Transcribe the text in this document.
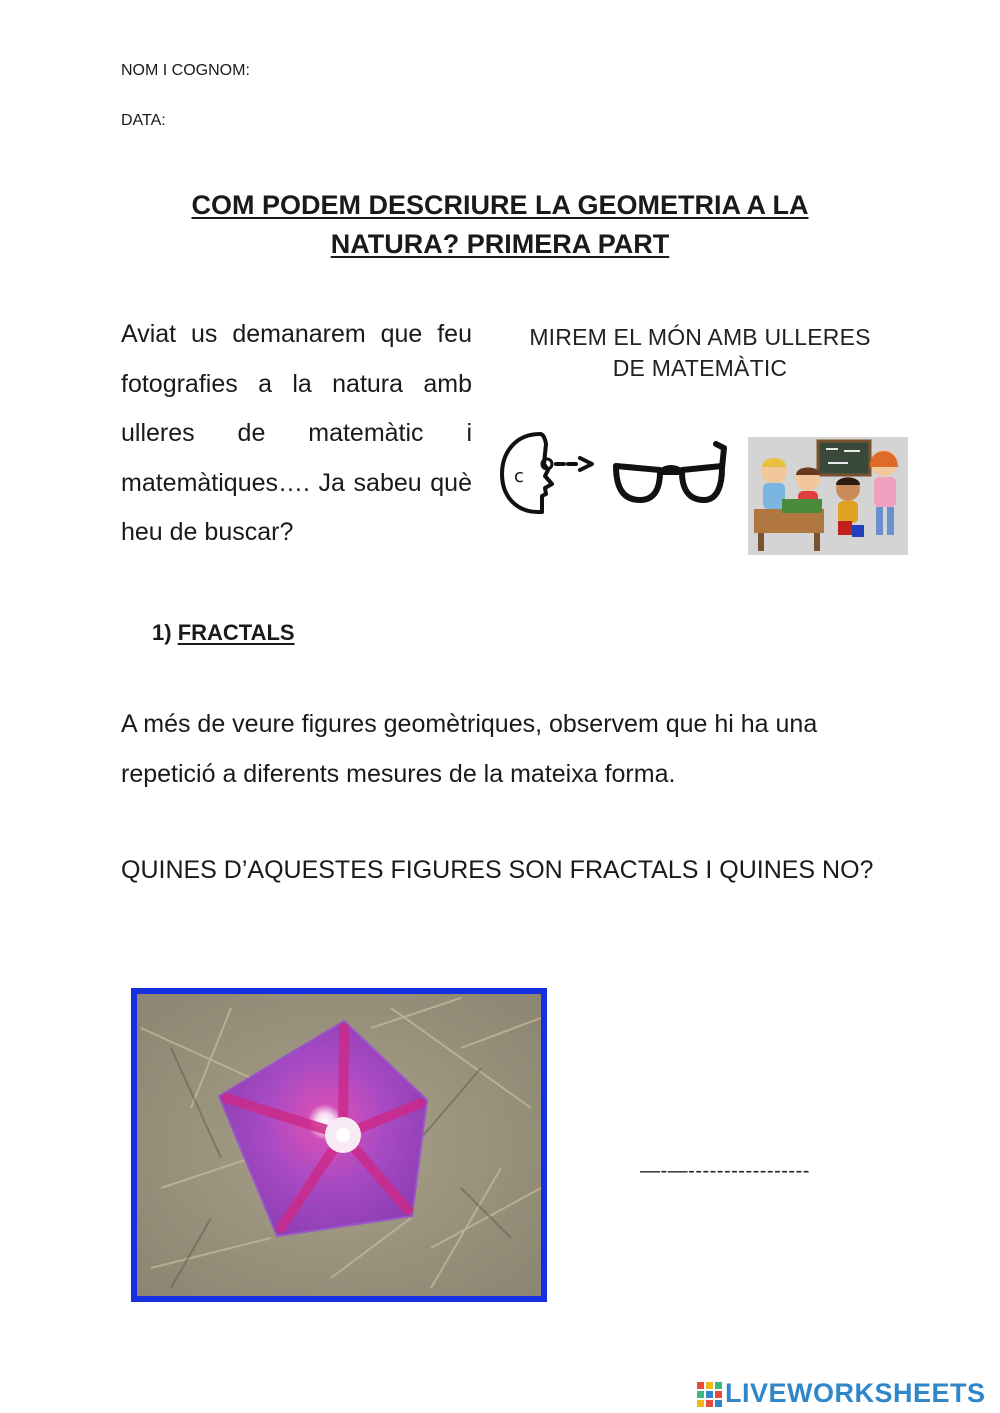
NOM I COGNOM:
DATA:
COM PODEM DESCRIURE LA GEOMETRIA A LA
NATURA? PRIMERA PART
Aviat us demanarem que feu fotografies a la natura amb ulleres de matemàtic i matemàtiques…. Ja sabeu què heu de buscar?
MIREM EL MÓN AMB ULLERES
DE MATEMÀTIC
c
1) FRACTALS
A més de veure figures geomètriques, observem que hi ha una repetició a diferents mesures de la mateixa forma.
QUINES D’AQUESTES FIGURES SON FRACTALS I QUINES NO?
—-—-----------------
LIVEWORKSHEETS
